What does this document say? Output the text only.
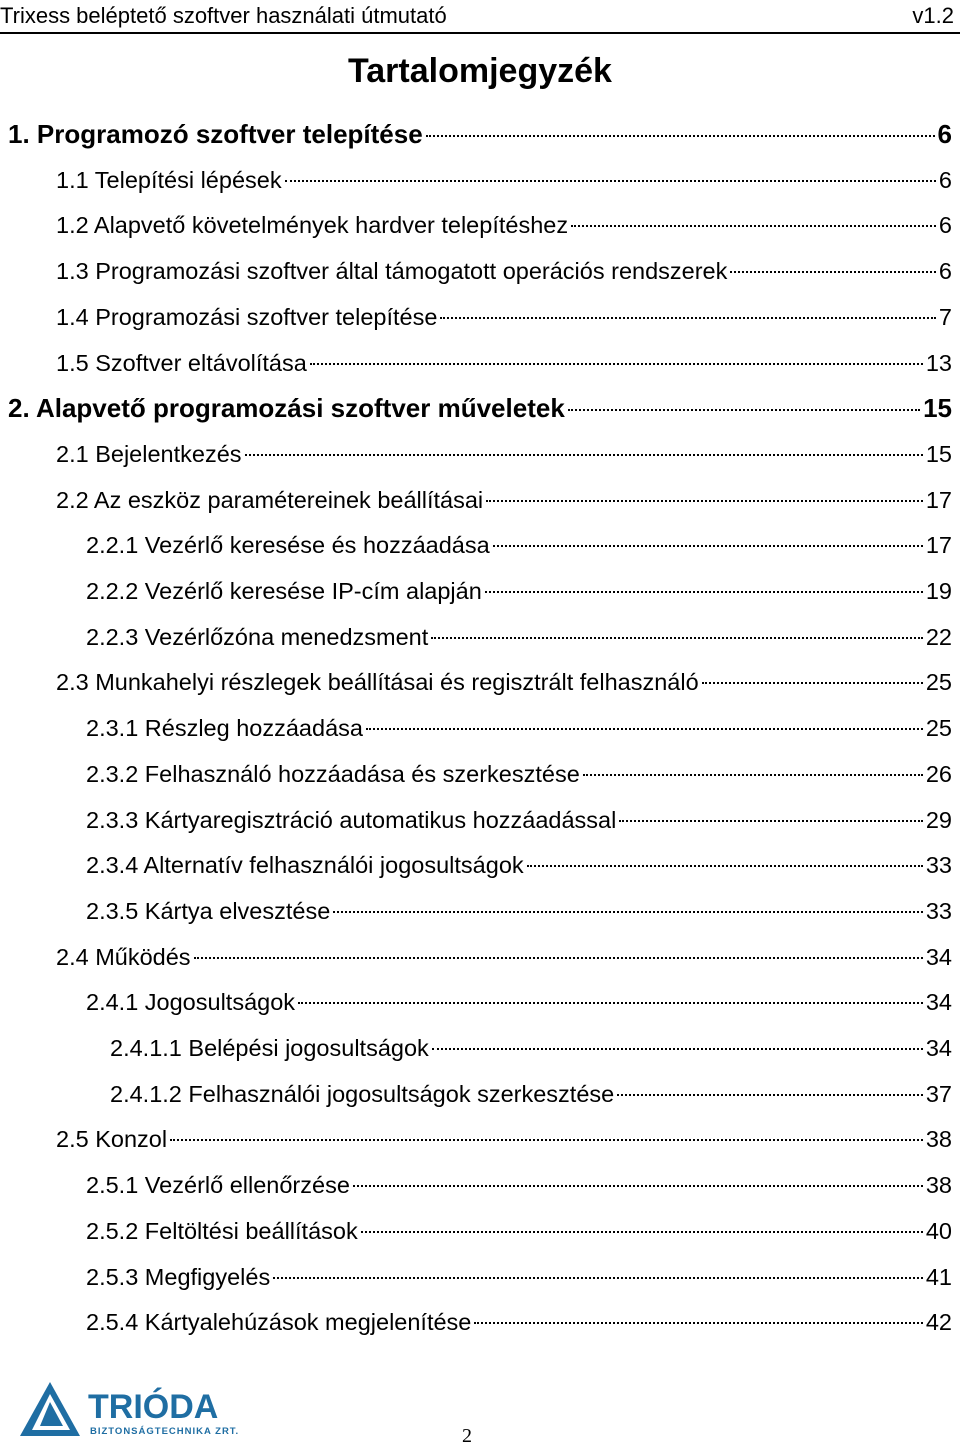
Trixess beléptető szoftver használati útmutató	v1.2
Tartalomjegyzék
1. Programozó szoftver telepítése	6
1.1 Telepítési lépések	6
1.2 Alapvető követelmények hardver telepítéshez	6
1.3 Programozási szoftver által támogatott operációs rendszerek	6
1.4 Programozási szoftver telepítése	7
1.5 Szoftver eltávolítása	13
2. Alapvető programozási szoftver műveletek	15
2.1 Bejelentkezés	15
2.2 Az eszköz paramétereinek beállításai	17
2.2.1 Vezérlő keresése és hozzáadása	17
2.2.2 Vezérlő keresése IP-cím alapján	19
2.2.3 Vezérlőzóna menedzsment	22
2.3 Munkahelyi részlegek beállításai és regisztrált felhasználó	25
2.3.1 Részleg hozzáadása	25
2.3.2 Felhasználó hozzáadása és szerkesztése	26
2.3.3 Kártyaregisztráció automatikus hozzáadással	29
2.3.4 Alternatív felhasználói jogosultságok	33
2.3.5 Kártya elvesztése	33
2.4 Működés	34
2.4.1 Jogosultságok	34
2.4.1.1 Belépési jogosultságok	34
2.4.1.2 Felhasználói jogosultságok szerkesztése	37
2.5 Konzol	38
2.5.1 Vezérlő ellenőrzése	38
2.5.2 Feltöltési beállítások	40
2.5.3 Megfigyelés	41
2.5.4 Kártyalehúzások megjelenítése	42
TRIÓDA
BIZTONSÁGTECHNIKA ZRT.	2
